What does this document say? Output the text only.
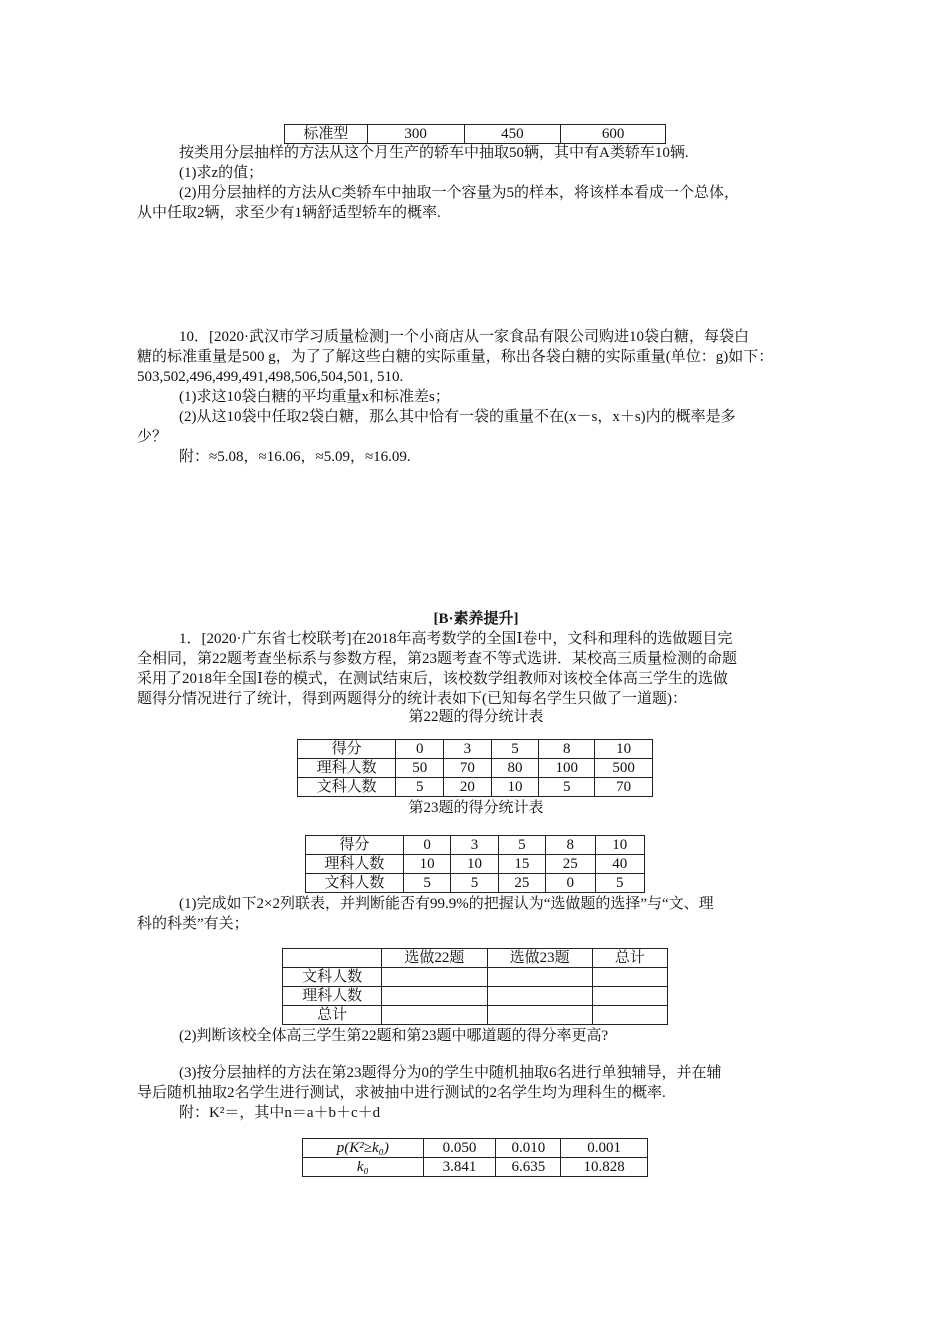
标准型	300	450	600
按类用分层抽样的方法从这个月生产的轿车中抽取50辆，其中有A类轿车10辆.
(1)求z的值；
(2)用分层抽样的方法从C类轿车中抽取一个容量为5的样本，将该样本看成一个总体，
从中任取2辆，求至少有1辆舒适型轿车的概率.
10．[2020·武汉市学习质量检测]一个小商店从一家食品有限公司购进10袋白糖，每袋白
糖的标准重量是500 g，为了了解这些白糖的实际重量，称出各袋白糖的实际重量(单位：g)如下：
503,502,496,499,491,498,506,504,501, 510.
(1)求这10袋白糖的平均重量x和标准差s；
(2)从这10袋中任取2袋白糖，那么其中恰有一袋的重量不在(x－s，x＋s)内的概率是多
少？
附：≈5.08，≈16.06，≈5.09，≈16.09.
[B·素养提升]
1．[2020·广东省七校联考]在2018年高考数学的全国Ⅰ卷中，文科和理科的选做题目完
全相同，第22题考查坐标系与参数方程，第23题考查不等式选讲．某校高三质量检测的命题
采用了2018年全国Ⅰ卷的模式，在测试结束后，该校数学组教师对该校全体高三学生的选做
题得分情况进行了统计，得到两题得分的统计表如下(已知每名学生只做了一道题)：
第22题的得分统计表
得分	0	3	5	8	10
理科人数	50	70	80	100	500
文科人数	5	20	10	5	70
第23题的得分统计表
得分	0	3	5	8	10
理科人数	10	10	15	25	40
文科人数	5	5	25	0	5
(1)完成如下2×2列联表，并判断能否有99.9%的把握认为“选做题的选择”与“文、理
科的科类”有关；
	选做22题	选做23题	总计
文科人数			
理科人数			
总计			
(2)判断该校全体高三学生第22题和第23题中哪道题的得分率更高?
(3)按分层抽样的方法在第23题得分为0的学生中随机抽取6名进行单独辅导，并在辅
导后随机抽取2名学生进行测试，求被抽中进行测试的2名学生均为理科生的概率.
附：K²＝，其中n＝a＋b＋c＋d
p(K²≥k₀)	0.050	0.010	0.001
k₀	3.841	6.635	10.828
